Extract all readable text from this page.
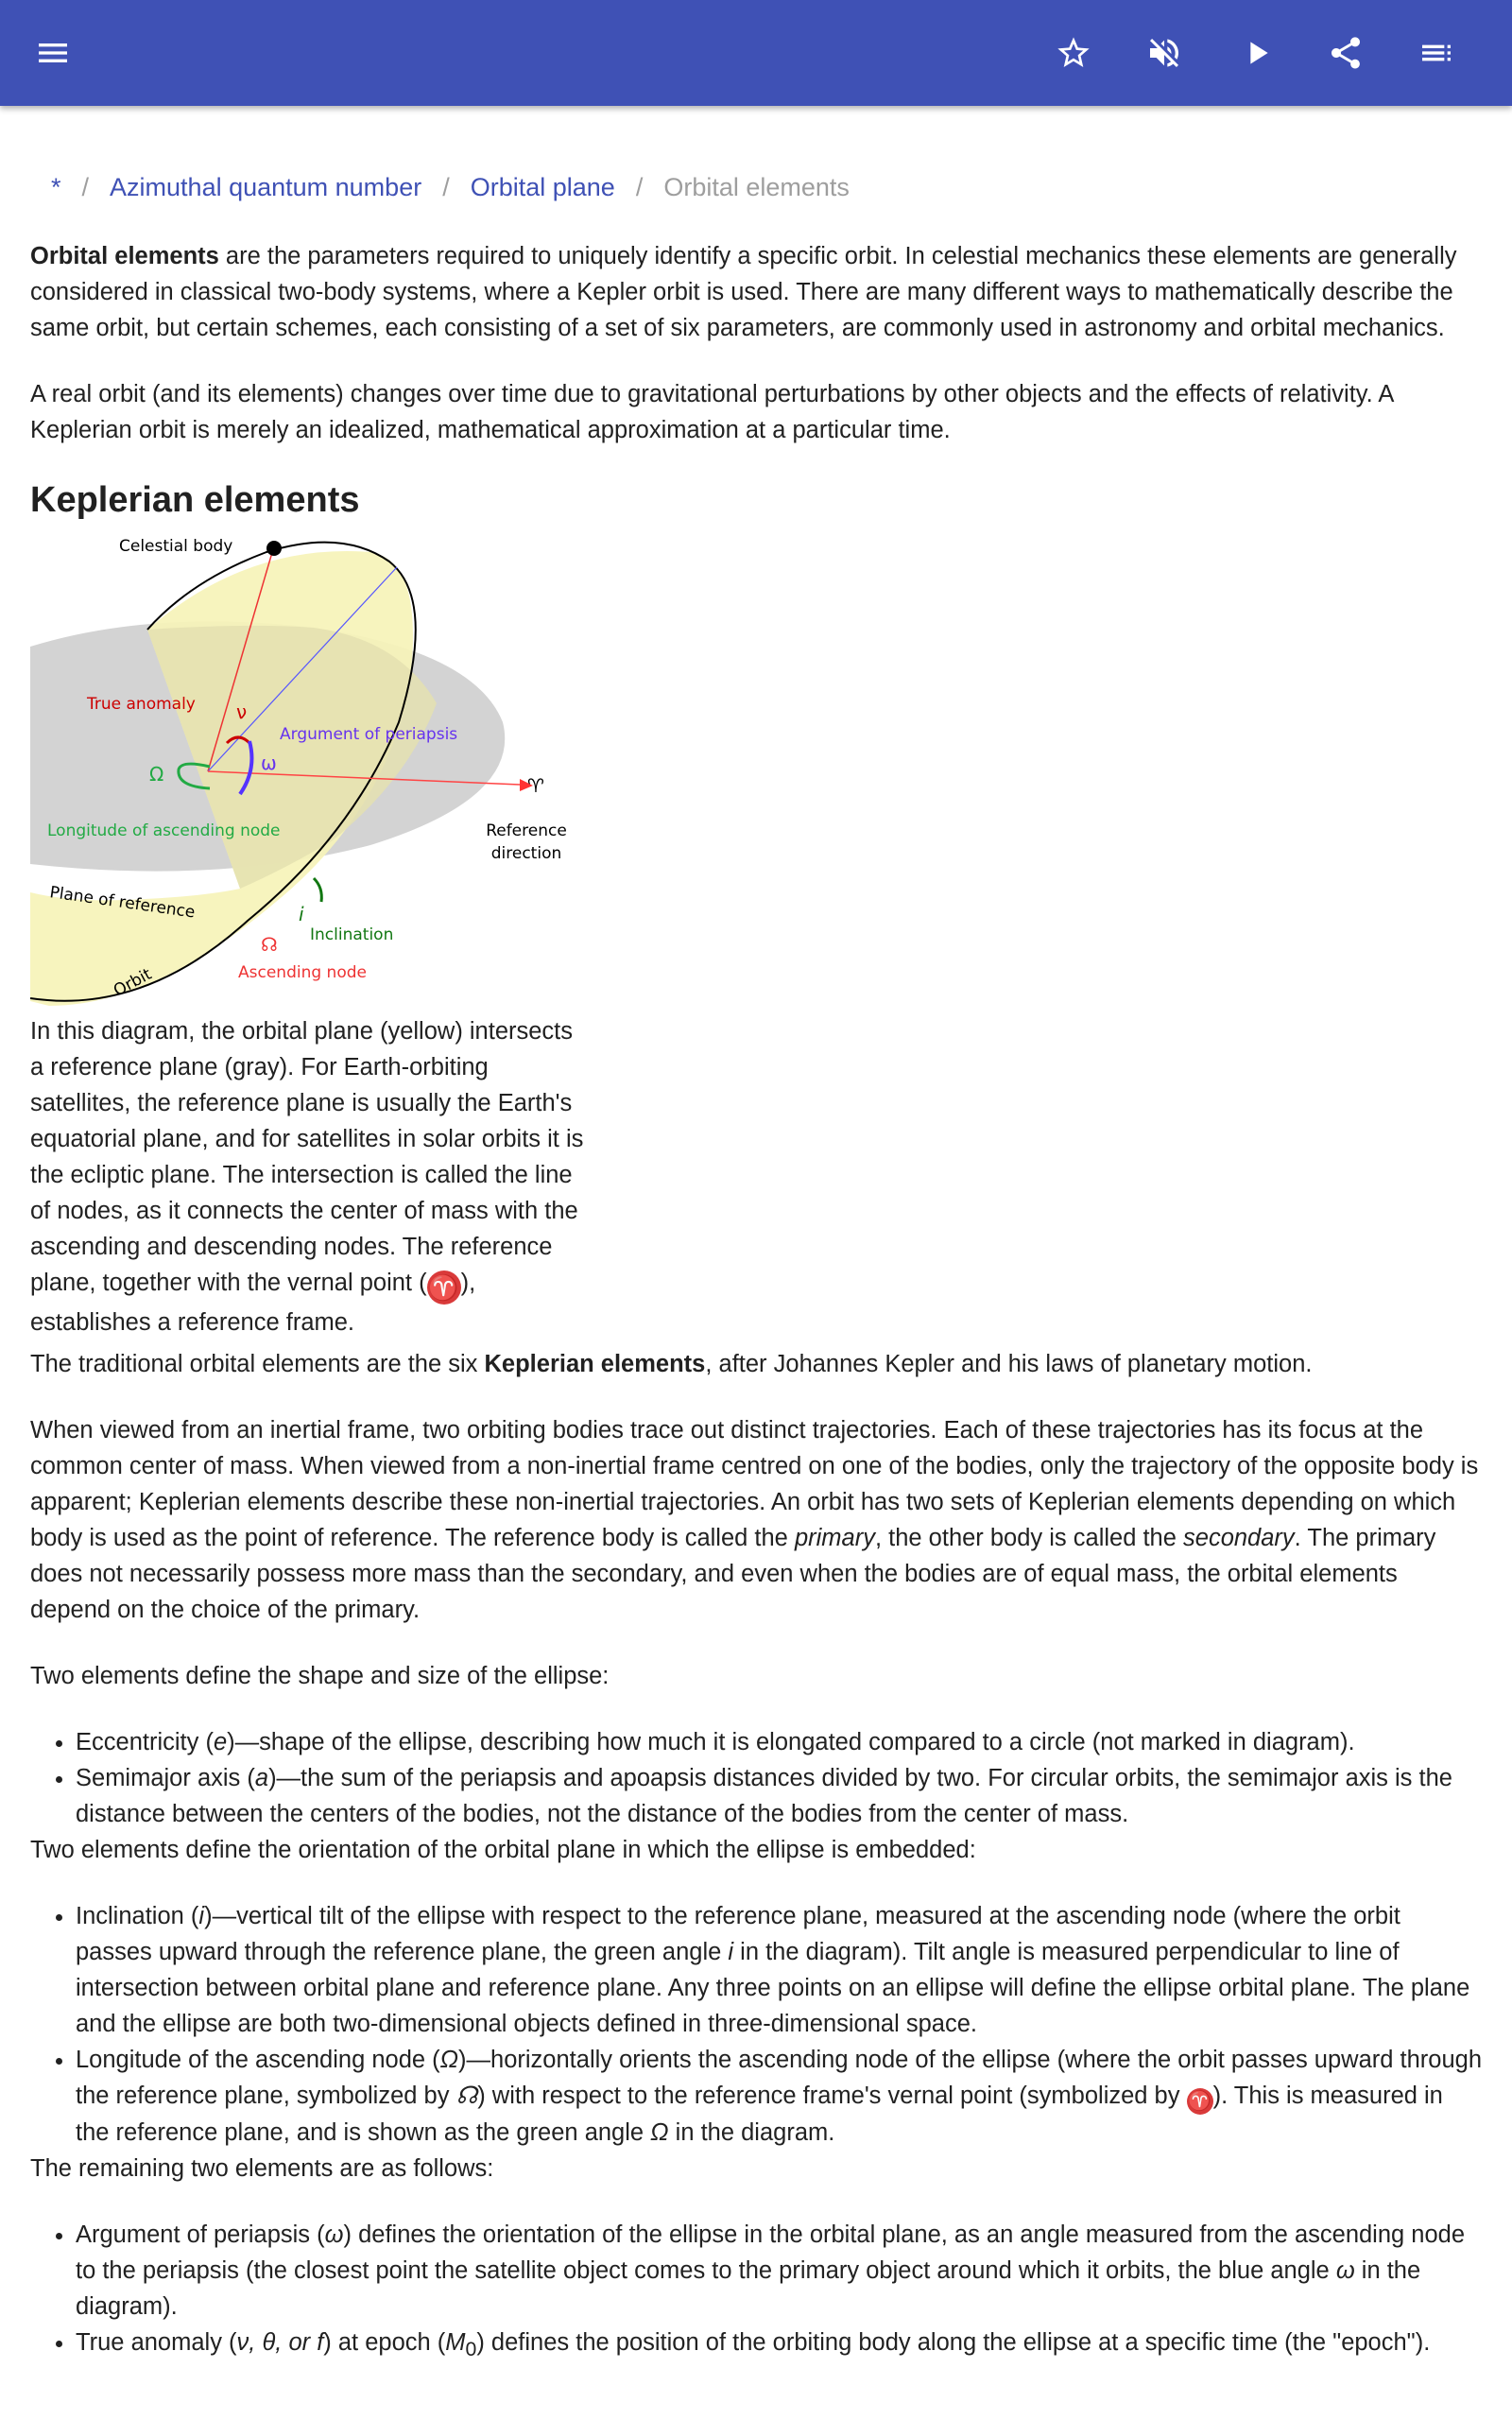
* / Azimuthal quantum number / Orbital plane / Orbital elements

Orbital elements are the parameters required to uniquely identify a specific orbit. In celestial mechanics these elements are generally considered in classical two-body systems, where a Kepler orbit is used. There are many different ways to mathematically describe the same orbit, but certain schemes, each consisting of a set of six parameters, are commonly used in astronomy and orbital mechanics.

A real orbit (and its elements) changes over time due to gravitational perturbations by other objects and the effects of relativity. A Keplerian orbit is merely an idealized, mathematical approximation at a particular time.

Keplerian elements
Celestial body
True anomaly ν
Argument of periapsis
ω
Ω
Longitude of ascending node
♈
Reference
direction
Plane of reference	i
Inclination
☊
Ascending node
Orbit
In this diagram, the orbital plane (yellow) intersects a reference plane (gray). For Earth-orbiting satellites, the reference plane is usually the Earth's equatorial plane, and for satellites in solar orbits it is the ecliptic plane. The intersection is called the line of nodes, as it connects the center of mass with the ascending and descending nodes. The reference plane, together with the vernal point (♈), establishes a reference frame.

The traditional orbital elements are the six Keplerian elements, after Johannes Kepler and his laws of planetary motion.

When viewed from an inertial frame, two orbiting bodies trace out distinct trajectories. Each of these trajectories has its focus at the common center of mass. When viewed from a non-inertial frame centred on one of the bodies, only the trajectory of the opposite body is apparent; Keplerian elements describe these non-inertial trajectories. An orbit has two sets of Keplerian elements depending on which body is used as the point of reference. The reference body is called the primary, the other body is called the secondary. The primary does not necessarily possess more mass than the secondary, and even when the bodies are of equal mass, the orbital elements depend on the choice of the primary.

Two elements define the shape and size of the ellipse:

• Eccentricity (e)—shape of the ellipse, describing how much it is elongated compared to a circle (not marked in diagram).
• Semimajor axis (a)—the sum of the periapsis and apoapsis distances divided by two. For circular orbits, the semimajor axis is the distance between the centers of the bodies, not the distance of the bodies from the center of mass.

Two elements define the orientation of the orbital plane in which the ellipse is embedded:

• Inclination (i)—vertical tilt of the ellipse with respect to the reference plane, measured at the ascending node (where the orbit passes upward through the reference plane, the green angle i in the diagram). Tilt angle is measured perpendicular to line of intersection between orbital plane and reference plane. Any three points on an ellipse will define the ellipse orbital plane. The plane and the ellipse are both two-dimensional objects defined in three-dimensional space.
• Longitude of the ascending node (Ω)—horizontally orients the ascending node of the ellipse (where the orbit passes upward through the reference plane, symbolized by ☊) with respect to the reference frame's vernal point (symbolized by ♈). This is measured in the reference plane, and is shown as the green angle Ω in the diagram.

The remaining two elements are as follows:

• Argument of periapsis (ω) defines the orientation of the ellipse in the orbital plane, as an angle measured from the ascending node to the periapsis (the closest point the satellite object comes to the primary object around which it orbits, the blue angle ω in the diagram).
• True anomaly (ν, θ, or f) at epoch $(M_0)$ defines the position of the orbiting body along the ellipse at a specific time (the "epoch").
